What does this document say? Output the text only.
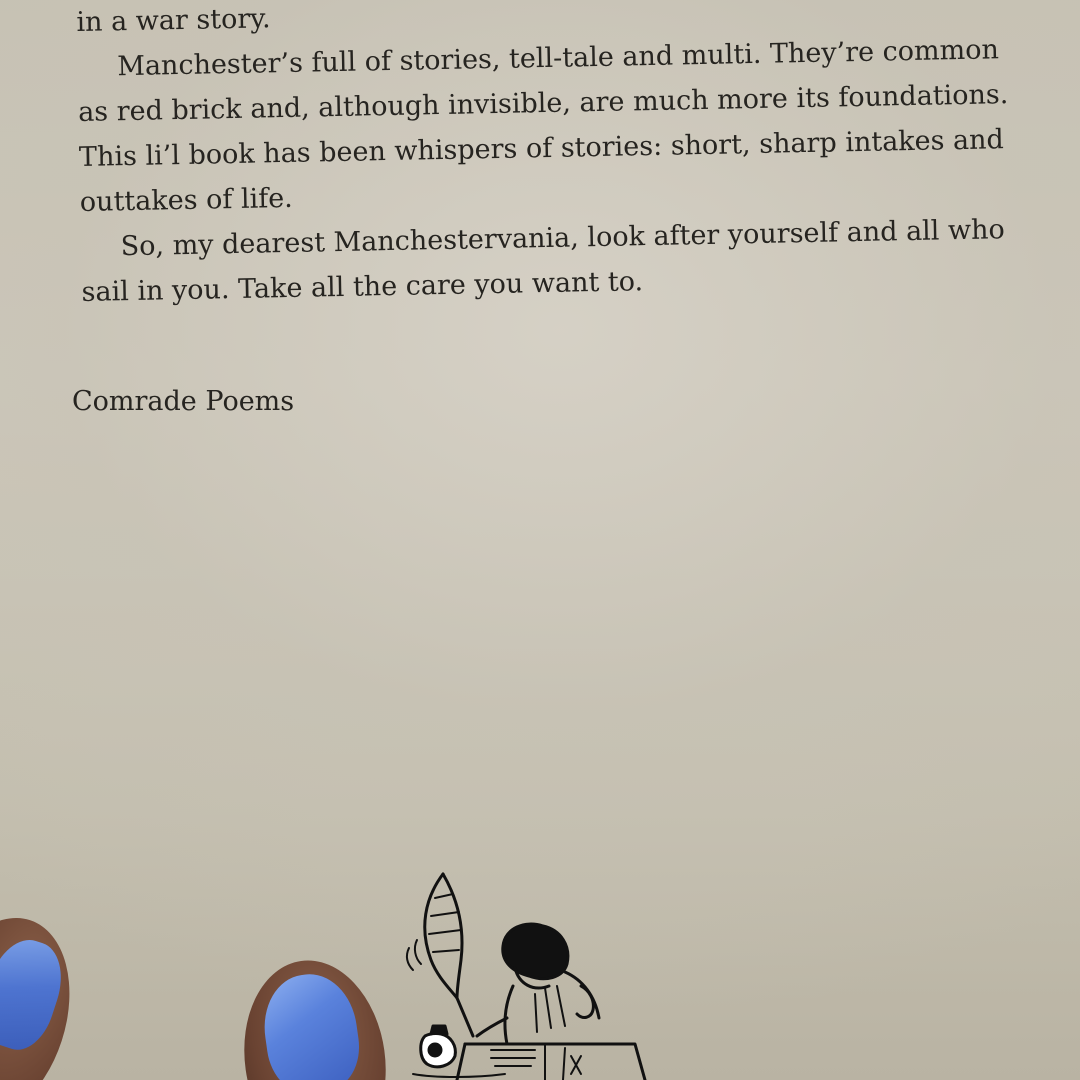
in a war story.
Manchester’s full of stories, tell-tale and multi. They’re common
as red brick and, although invisible, are much more its foundations.
This li’l book has been whispers of stories: short, sharp intakes and
outtakes of life.
So, my dearest Manchestervania, look after yourself and all who
sail in you. Take all the care you want to.
Comrade Poems
